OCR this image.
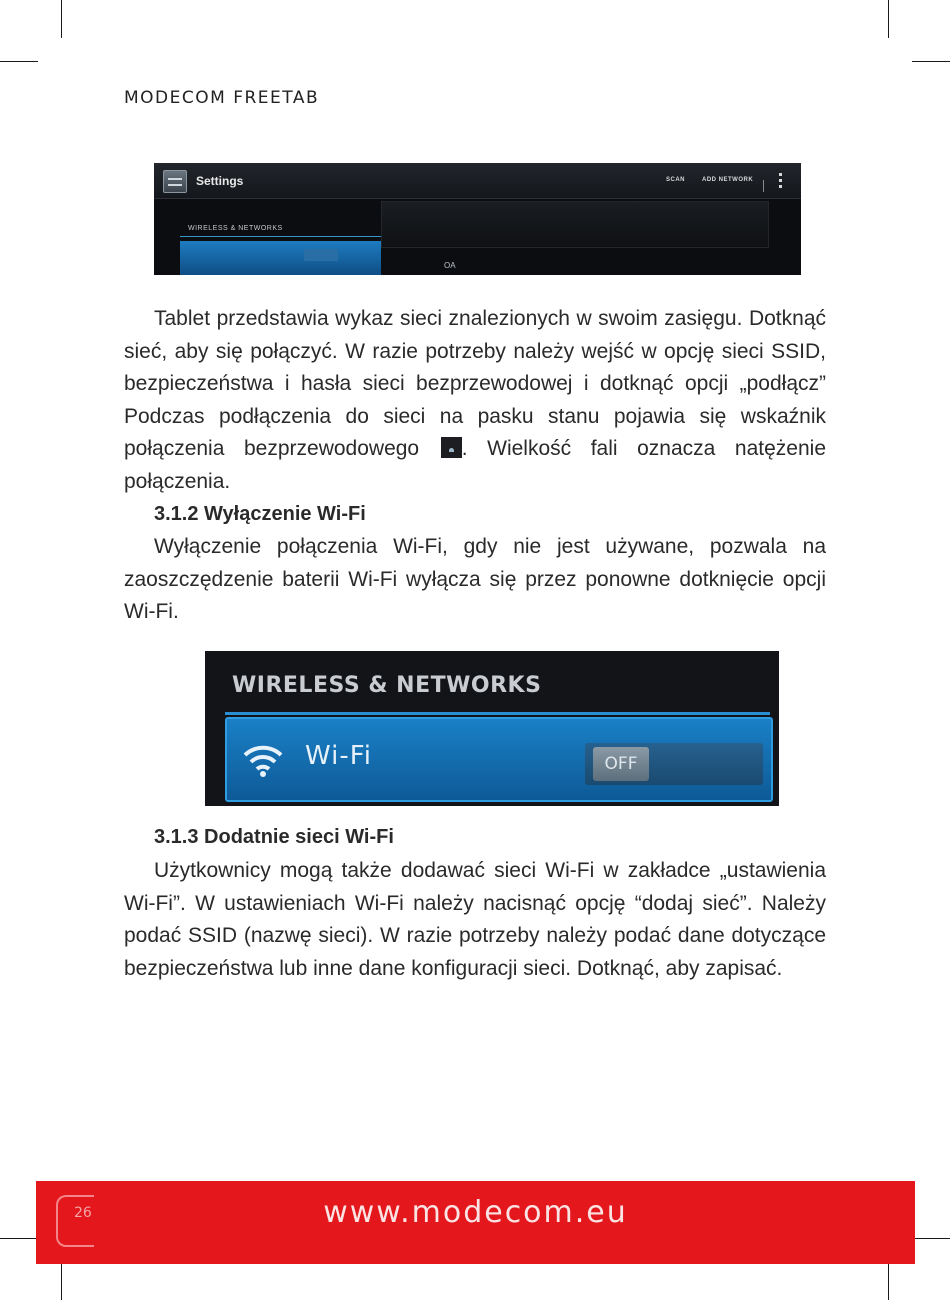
MODECOM FREETAB
Settings	SCAN	ADD NETWORK
WIRELESS & NETWORKS
OA
Tablet przedstawia wykaz sieci znalezionych w swoim zasięgu. Dotknąć sieć, aby się połączyć. W razie potrzeby należy wejść w opcję sieci SSID, bezpieczeństwa i hasła sieci bezprzewodowej i dotknąć opcji „podłącz” Podczas podłączenia do sieci na pasku stanu pojawia się wskaźnik połączenia bezprzewodowego . Wielkość fali oznacza natężenie połączenia.
3.1.2 Wyłączenie Wi-Fi
Wyłączenie połączenia Wi-Fi, gdy nie jest używane, pozwala na zaoszczędzenie baterii Wi-Fi wyłącza się przez ponowne dotknięcie opcji Wi-Fi.
WIRELESS & NETWORKS
Wi-Fi	OFF
3.1.3 Dodatnie sieci Wi-Fi
Użytkownicy mogą także dodawać sieci Wi-Fi w zakładce „ustawienia Wi-Fi”. W ustawieniach Wi-Fi należy nacisnąć opcję “dodaj sieć”. Należy podać SSID (nazwę sieci). W razie potrzeby należy podać dane dotyczące bezpieczeństwa lub inne dane konfiguracji sieci. Dotknąć, aby zapisać.
26	www.modecom.eu
